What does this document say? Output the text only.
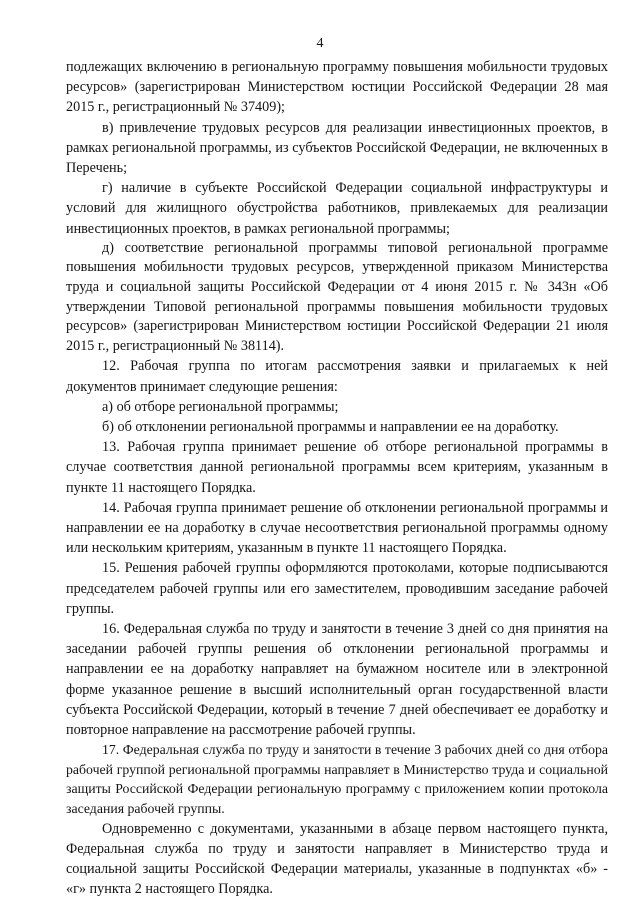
4

подлежащих включению в региональную программу повышения мобильности трудовых ресурсов» (зарегистрирован Министерством юстиции Российской Федерации 28 мая 2015 г., регистрационный № 37409);

в) привлечение трудовых ресурсов для реализации инвестиционных проектов, в рамках региональной программы, из субъектов Российской Федерации, не включенных в Перечень;

г) наличие в субъекте Российской Федерации социальной инфраструктуры и условий для жилищного обустройства работников, привлекаемых для реализации инвестиционных проектов, в рамках региональной программы;

д) соответствие региональной программы типовой региональной программе повышения мобильности трудовых ресурсов, утвержденной приказом Министерства труда и социальной защиты Российской Федерации от 4 июня 2015 г. № 343н «Об утверждении Типовой региональной программы повышения мобильности трудовых ресурсов» (зарегистрирован Министерством юстиции Российской Федерации 21 июля 2015 г., регистрационный № 38114).

12. Рабочая группа по итогам рассмотрения заявки и прилагаемых к ней документов принимает следующие решения:

а) об отборе региональной программы;

б) об отклонении региональной программы и направлении ее на доработку.

13. Рабочая группа принимает решение об отборе региональной программы в случае соответствия данной региональной программы всем критериям, указанным в пункте 11 настоящего Порядка.

14. Рабочая группа принимает решение об отклонении региональной программы и направлении ее на доработку в случае несоответствия региональной программы одному или нескольким критериям, указанным в пункте 11 настоящего Порядка.

15. Решения рабочей группы оформляются протоколами, которые подписываются председателем рабочей группы или его заместителем, проводившим заседание рабочей группы.

16. Федеральная служба по труду и занятости в течение 3 дней со дня принятия на заседании рабочей группы решения об отклонении региональной программы и направлении ее на доработку направляет на бумажном носителе или в электронной форме указанное решение в высший исполнительный орган государственной власти субъекта Российской Федерации, который в течение 7 дней обеспечивает ее доработку и повторное направление на рассмотрение рабочей группы.

17. Федеральная служба по труду и занятости в течение 3 рабочих дней со дня отбора рабочей группой региональной программы направляет в Министерство труда и социальной защиты Российской Федерации региональную программу с приложением копии протокола заседания рабочей группы.

Одновременно с документами, указанными в абзаце первом настоящего пункта, Федеральная служба по труду и занятости направляет в Министерство труда и социальной защиты Российской Федерации материалы, указанные в подпунктах «б» - «г» пункта 2 настоящего Порядка.
